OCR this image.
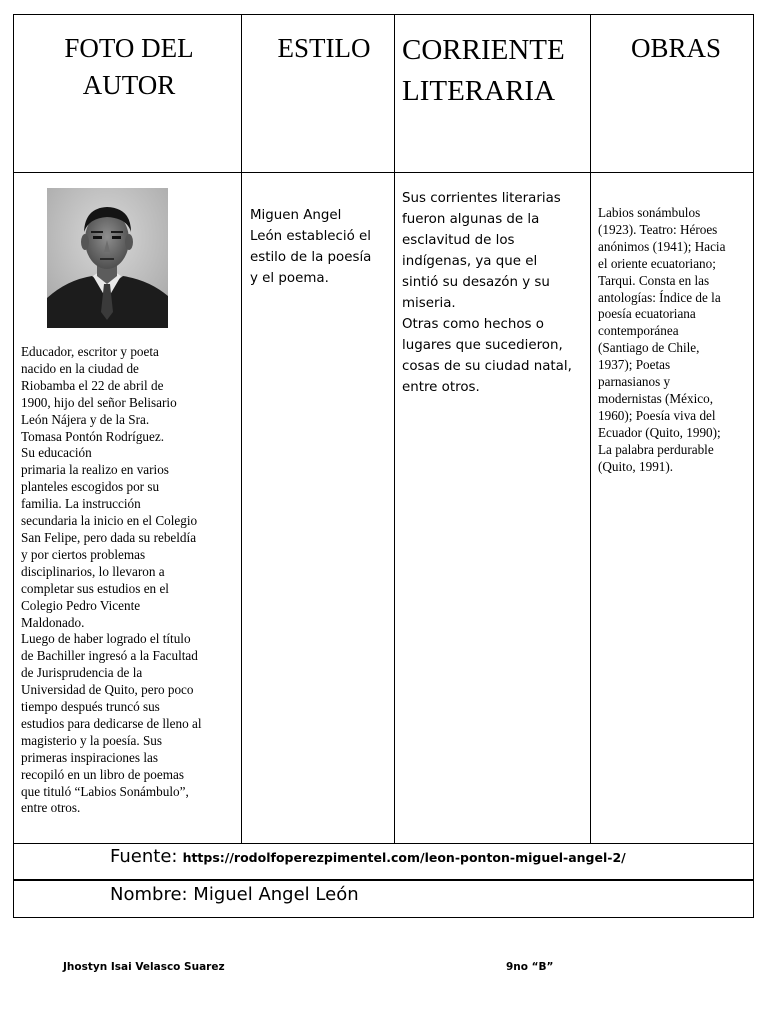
FOTO DEL
AUTOR
ESTILO	CORRIENTE
LITERARIA
OBRAS
Educador, escritor y poeta
nacido en la ciudad de
Riobamba el 22 de abril de
1900, hijo del señor Belisario
León Nájera y de la Sra.
Tomasa Pontón Rodríguez.
Su educación
primaria la realizo en varios
planteles escogidos por su
familia. La instrucción
secundaria la inicio en el Colegio
San Felipe, pero dada su rebeldía
y por ciertos problemas
disciplinarios, lo llevaron a
completar sus estudios en el
Colegio Pedro Vicente
Maldonado.
Luego de haber logrado el título
de Bachiller ingresó a la Facultad
de Jurisprudencia de la
Universidad de Quito, pero poco
tiempo después truncó sus
estudios para dedicarse de lleno al
magisterio y la poesía. Sus
primeras inspiraciones las
recopiló en un libro de poemas
que tituló “Labios Sonámbulo”,
entre otros.
Miguen Angel
León estableció el
estilo de la poesía
y el poema.
Sus corrientes literarias
fueron algunas de la
esclavitud de los
indígenas, ya que el
sintió su desazón y su
miseria.
Otras como hechos o
lugares que sucedieron,
cosas de su ciudad natal,
entre otros.
Labios sonámbulos
(1923). Teatro: Héroes
anónimos (1941); Hacia
el oriente ecuatoriano;
Tarqui. Consta en las
antologías: Índice de la
poesía ecuatoriana
contemporánea
(Santiago de Chile,
1937); Poetas
parnasianos y
modernistas (México,
1960); Poesía viva del
Ecuador (Quito, 1990);
La palabra perdurable
(Quito, 1991).
Fuente: https://rodolfoperezpimentel.com/leon-ponton-miguel-angel-2/
Nombre: Miguel Angel León
Jhostyn Isai Velasco Suarez	9no “B”
